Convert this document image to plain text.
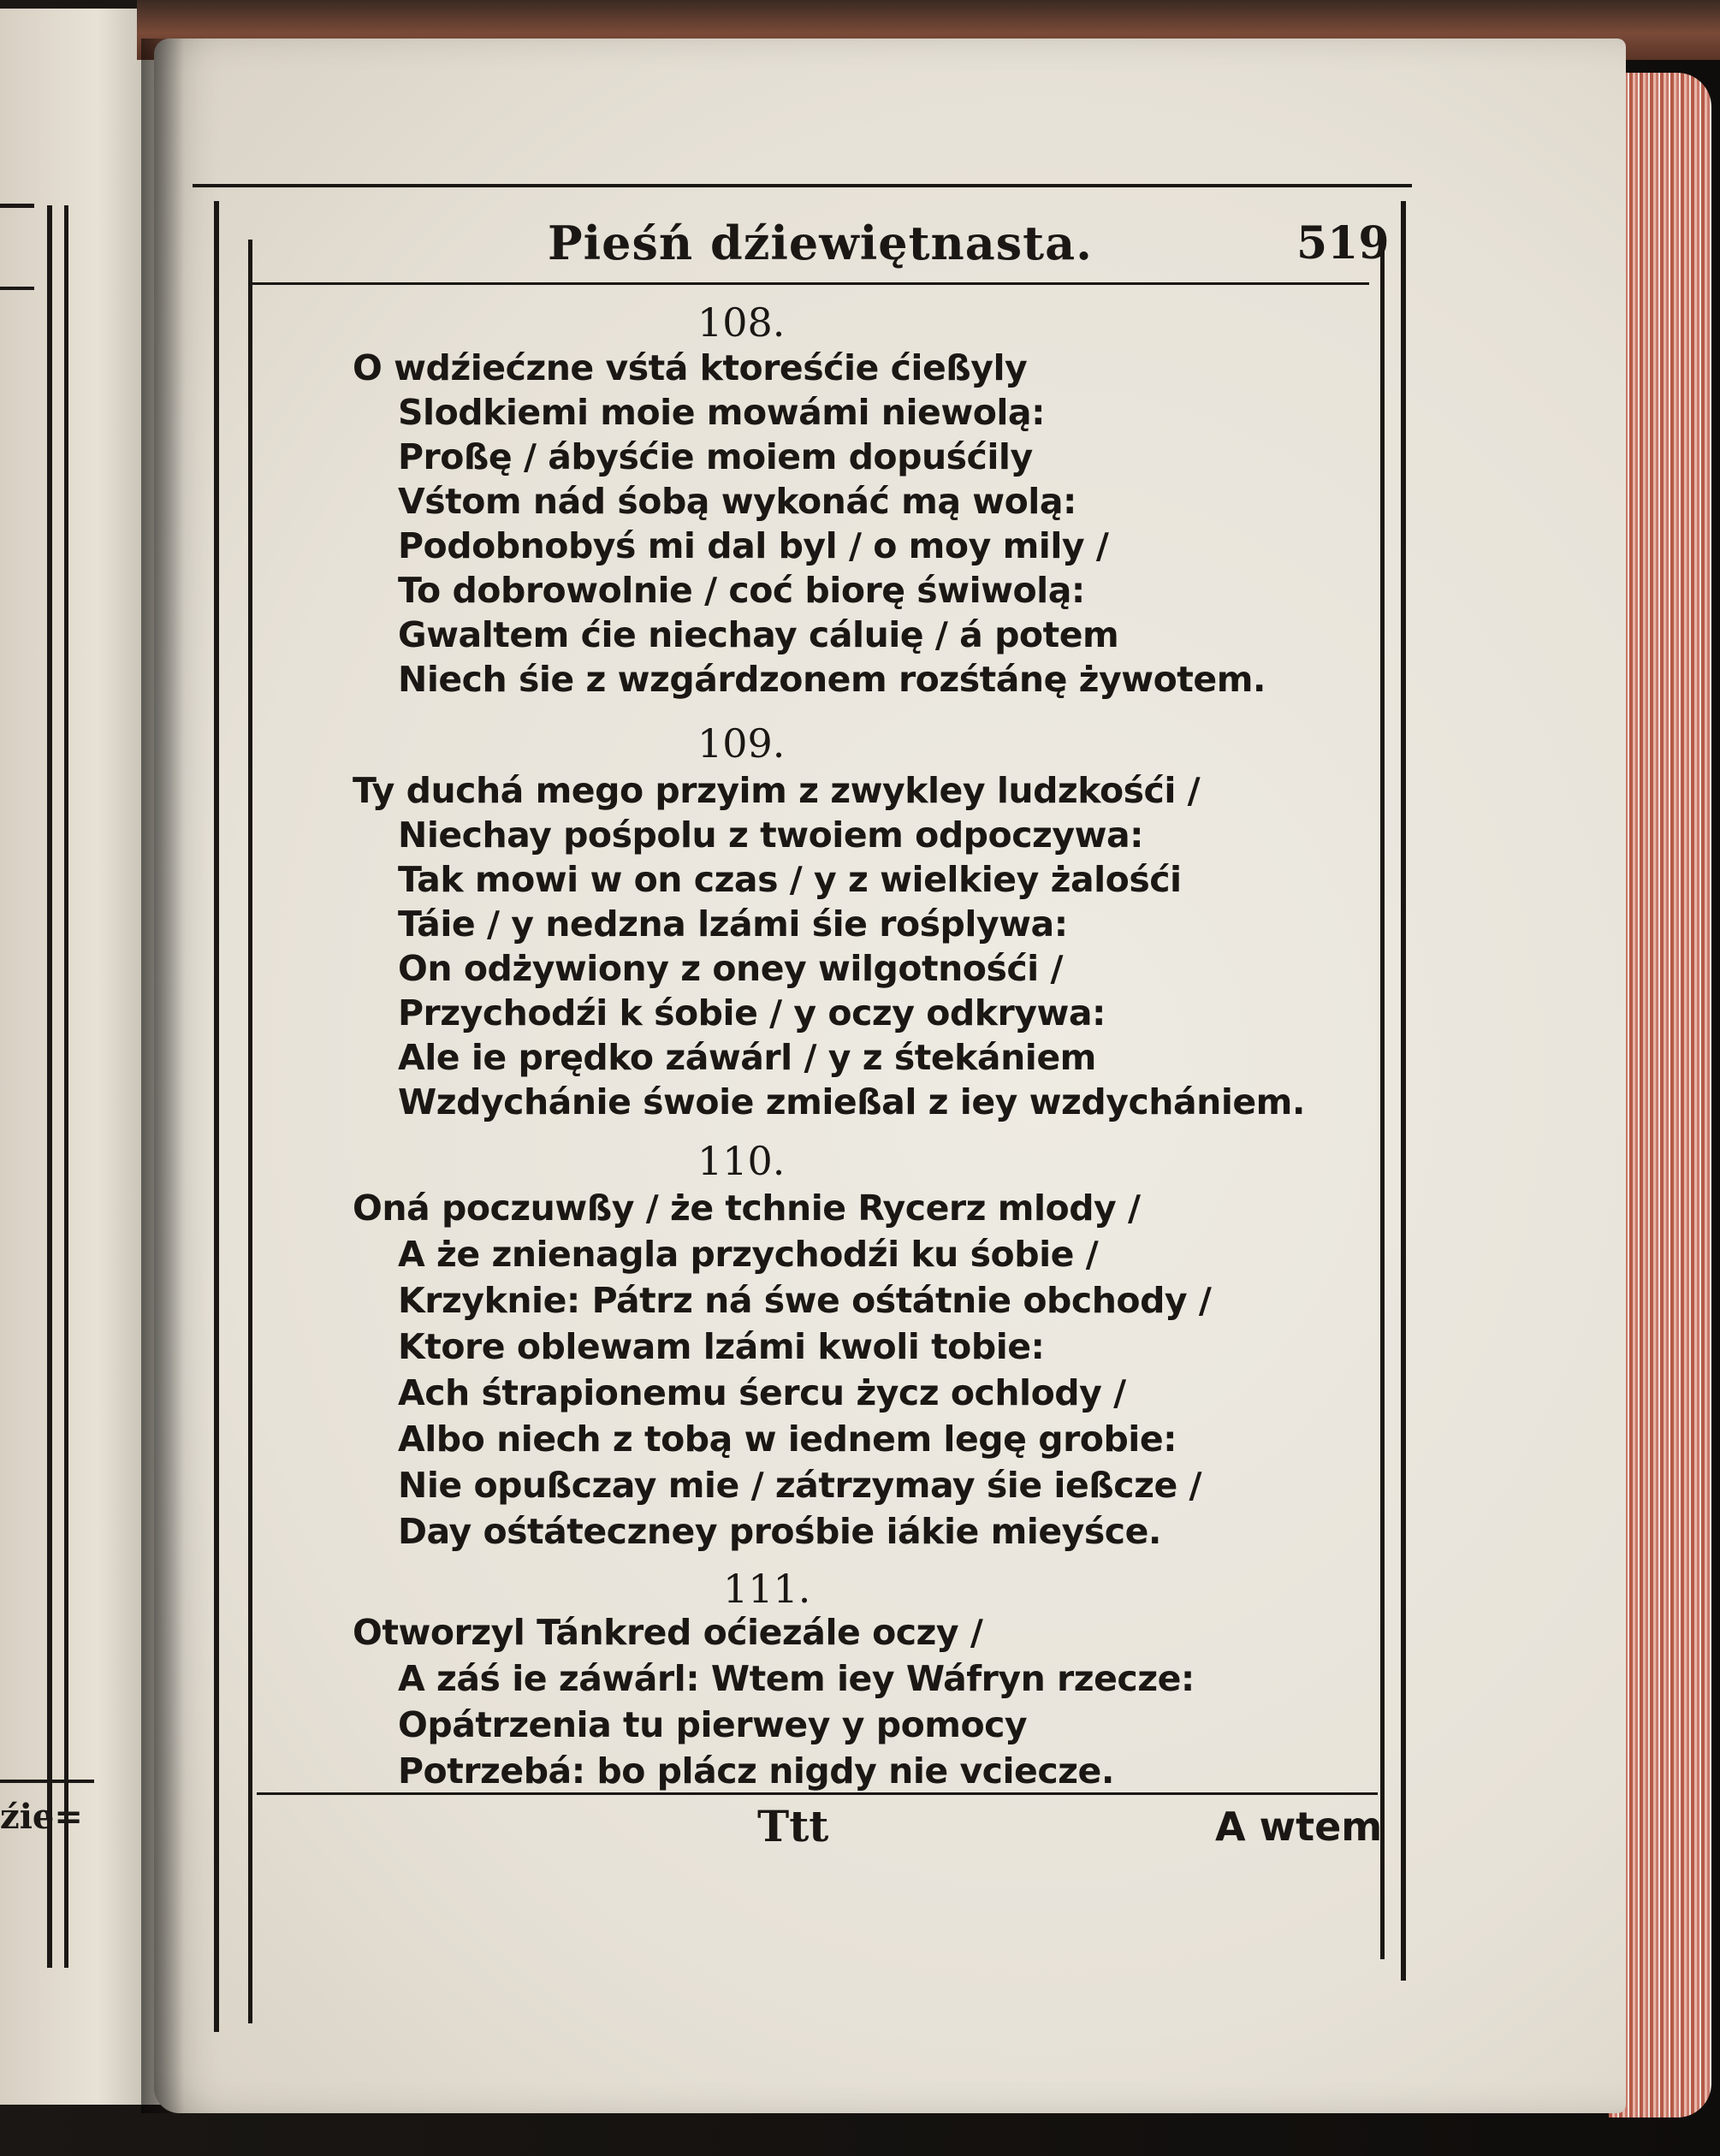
źie=

Pieśń dźiewiętnasta.	519
108.
O wdźiećzne vśtá ktoreśćie ćießyly
Slodkiemi moie mowámi niewolą:
Proßę / ábyśćie moiem dopuśćily
Vśtom nád śobą wykonáć mą wolą:
Podobnobyś mi dal byl / o moy mily /
To dobrowolnie / coć biorę świwolą:
Gwaltem ćie niechay cáluię / á potem
Niech śie z wzgárdzonem rozśtánę żywotem.
109.
Ty duchá mego przyim z zwykley ludzkośći /
Niechay pośpolu z twoiem odpoczywa:
Tak mowi w on czas / y z wielkiey żalośći
Táie / y nedzna lzámi śie rośplywa:
On odżywiony z oney wilgotnośći /
Przychodźi k śobie / y oczy odkrywa:
Ale ie prędko záwárl / y z śtekániem
Wzdychánie śwoie zmießal z iey wzdychániem.
110.
Oná poczuwßy / że tchnie Rycerz mlody /
A że znienagla przychodźi ku śobie /
Krzyknie: Pátrz ná śwe ośtátnie obchody /
Ktore oblewam lzámi kwoli tobie:
Ach śtrapionemu śercu życz ochlody /
Albo niech z tobą w iednem legę grobie:
Nie opußczay mie / zátrzymay śie ießcze /
Day ośtáteczney prośbie iákie mieyśce.
111.
Otworzyl Tánkred oćiezále oczy /
A záś ie záwárl: Wtem iey Wáfryn rzecze:
Opátrzenia tu pierwey y pomocy
Potrzebá: bo plácz nigdy nie vciecze.
Ttt	A wtem
